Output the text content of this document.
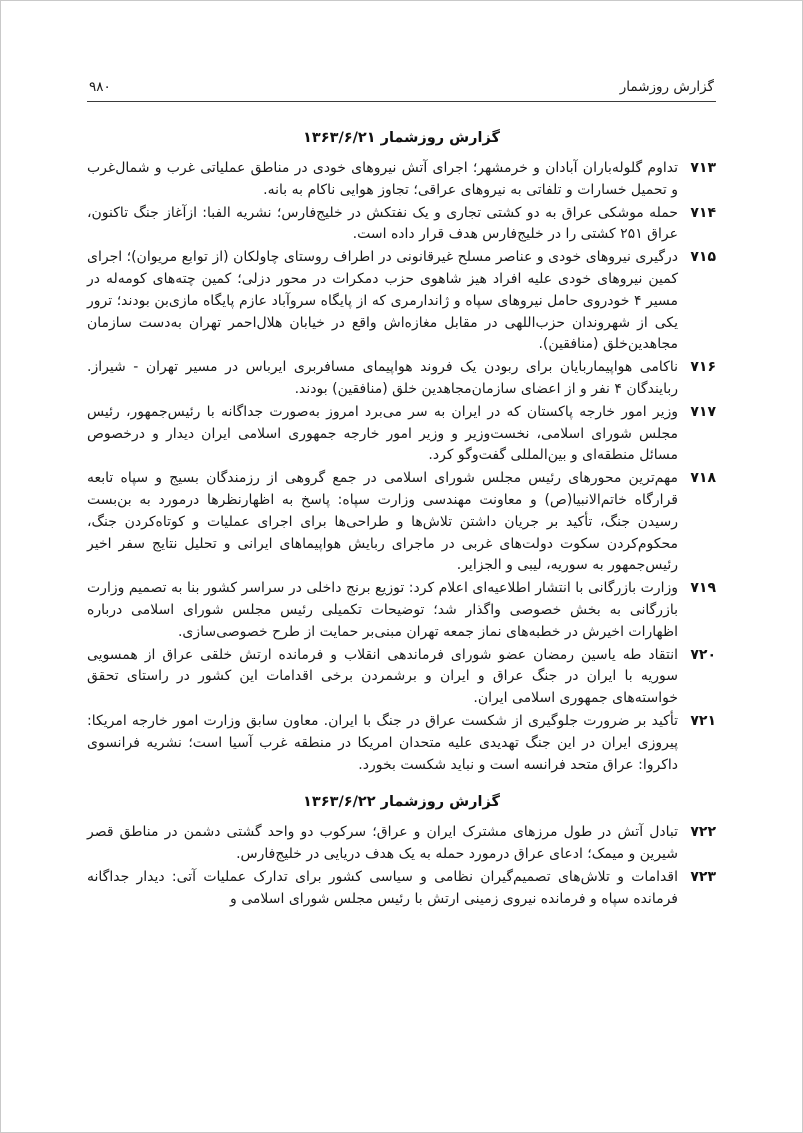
گزارش روزشمار
۹۸۰
گزارش روزشمار ۱۳۶۳/۶/۲۱
۷۱۳
تداوم گلوله‌باران آبادان و خرمشهر؛ اجرای آتش نیروهای خودی در مناطق عملیاتی غرب و شمال‌غرب و تحمیل خسارات و تلفاتی به نیروهای عراقی؛ تجاوز هوایی ناکام به بانه.
۷۱۴
حمله موشکی عراق به دو کشتی تجاری و یک نفتکش در خلیج‌فارس؛ نشریه الفبا: ازآغاز جنگ تاکنون، عراق ۲۵۱ کشتی را در خلیج‌فارس هدف قرار داده است.
۷۱۵
درگیری نیروهای خودی و عناصر مسلح غیرقانونی در اطراف روستای چاولکان (از توابع مریوان)؛ اجرای کمین نیروهای خودی علیه افراد هیز شاهوی حزب دمکرات در محور دزلی؛ کمین چته‌های کومه‌له در مسیر ۴ خودروی حامل نیروهای سپاه و ژاندارمری که از پایگاه سروآباد عازم پایگاه مازی‌بن بودند؛ ترور یکی از شهروندان حزب‌اللهی در مقابل مغازه‌اش واقع در خیابان هلال‌احمر تهران به‌دست سازمان مجاهدین‌خلق (منافقین).
۷۱۶
ناکامی هواپیماربایان برای ربودن یک فروند هواپیمای مسافربری ایرباس در مسیر تهران - شیراز. ربایندگان ۴ نفر و از اعضای سازمان‌مجاهدین خلق (منافقین) بودند.
۷۱۷
وزیر امور خارجه پاکستان که در ایران به سر می‌برد امروز به‌صورت جداگانه با رئیس‌جمهور، رئیس مجلس شورای اسلامی، نخست‌وزیر و وزیر امور خارجه جمهوری اسلامی ایران دیدار و درخصوص مسائل منطقه‌ای و بین‌المللی گفت‌وگو کرد.
۷۱۸
مهم‌ترین محورهای رئیس مجلس شورای اسلامی در جمع گروهی از رزمندگان بسیج و سپاه تابعه قرارگاه خاتم‌الانبیا(ص) و معاونت مهندسی وزارت سپاه: پاسخ به اظهارنظرها درمورد به بن‌بست رسیدن جنگ، تأکید بر جریان داشتن تلاش‌ها و طراحی‌ها برای اجرای عملیات و کوتاه‌کردن جنگ، محکوم‌کردن سکوت دولت‌های غربی در ماجرای ربایش هواپیماهای ایرانی و تحلیل نتایج سفر اخیر رئیس‌جمهور به سوریه، لیبی و الجزایر.
۷۱۹
وزارت بازرگانی با انتشار اطلاعیه‌ای اعلام کرد: توزیع برنج داخلی در سراسر کشور بنا به تصمیم وزارت بازرگانی به بخش خصوصی واگذار شد؛ توضیحات تکمیلی رئیس مجلس شورای اسلامی درباره اظهارات اخیرش در خطبه‌های نماز جمعه تهران مبنی‌بر حمایت از طرح خصوصی‌سازی.
۷۲۰
انتقاد طه یاسین رمضان عضو شورای فرماندهی انقلاب و فرمانده ارتش خلقی عراق از همسویی سوریه با ایران در جنگ عراق و ایران و برشمردن برخی اقدامات این کشور در راستای تحقق خواسته‌های جمهوری اسلامی ایران.
۷۲۱
تأکید بر ضرورت جلوگیری از شکست عراق در جنگ با ایران. معاون سابق وزارت امور خارجه امریکا: پیروزی ایران در این جنگ تهدیدی علیه متحدان امریکا در منطقه غرب آسیا است؛ نشریه فرانسوی داکروا: عراق متحد فرانسه است و نباید شکست بخورد.
گزارش روزشمار ۱۳۶۳/۶/۲۲
۷۲۲
تبادل آتش در طول مرزهای مشترک ایران و عراق؛ سرکوب دو واحد گشتی دشمن در مناطق قصر شیرین و میمک؛ ادعای عراق درمورد حمله به یک هدف دریایی در خلیج‌فارس.
۷۲۳
اقدامات و تلاش‌های تصمیم‌گیران نظامی و سیاسی کشور برای تدارک عملیات آتی: دیدار جداگانه فرمانده سپاه و فرمانده نیروی زمینی ارتش با رئیس مجلس شورای اسلامی و
